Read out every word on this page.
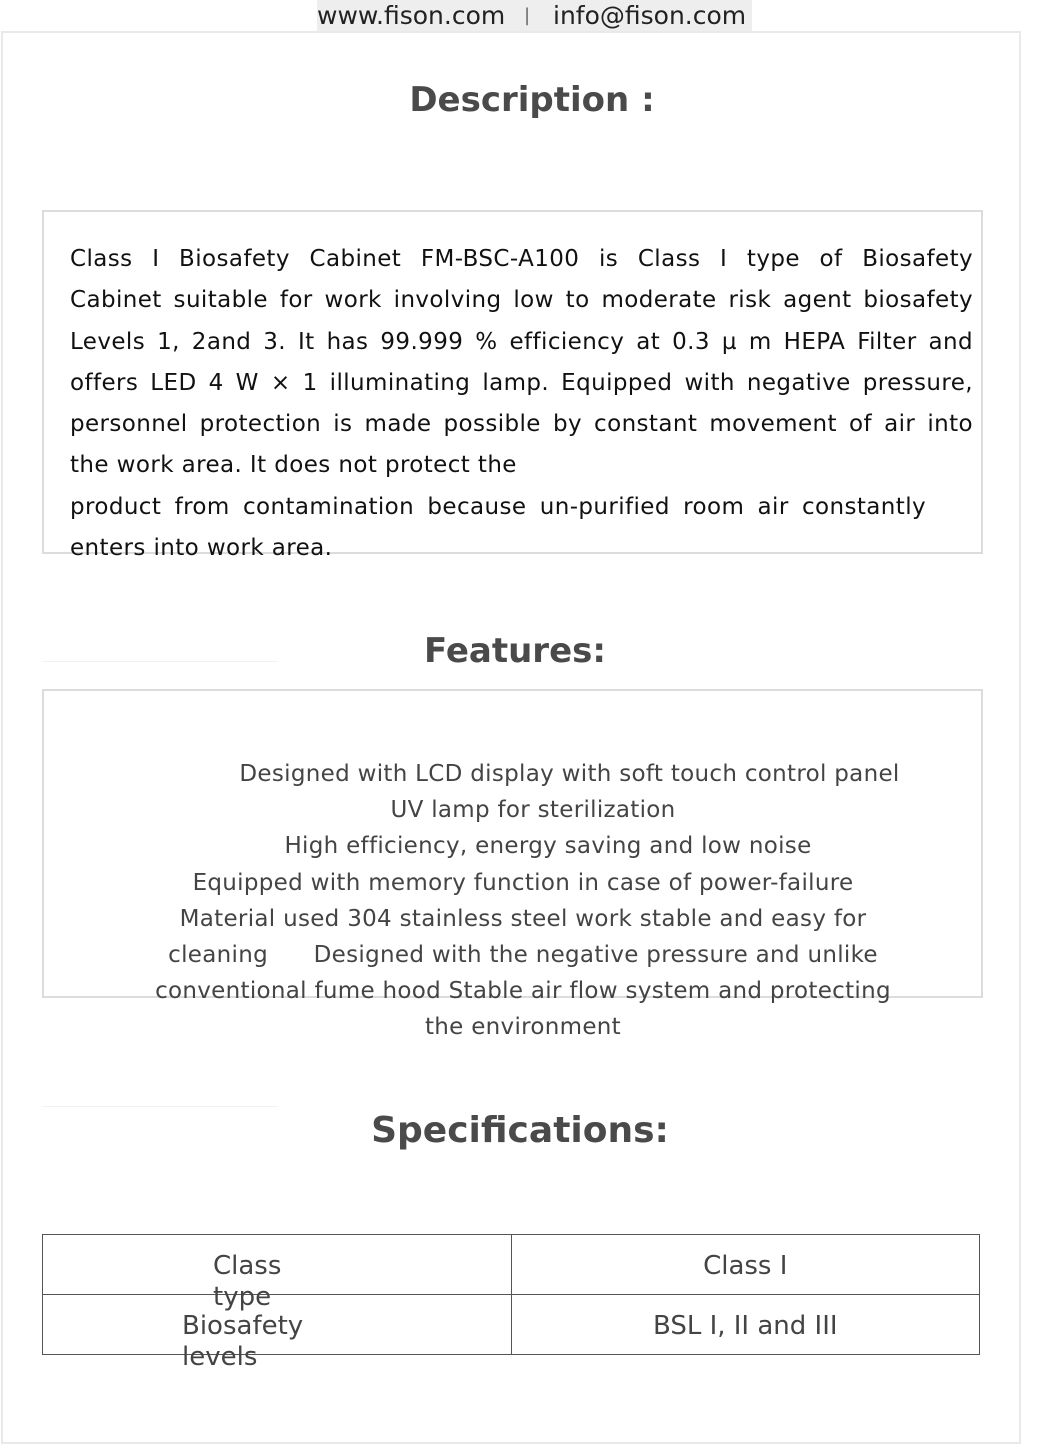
www.fison.com | info@fison.com
Description :
Class I Biosafety Cabinet FM-BSC-A100 is Class I type of Biosafety
Cabinet suitable for work involving low to moderate risk agent biosafety
Levels 1, 2and 3. It has 99.999 % efficiency at 0.3 µ m HEPA Filter and
offers LED 4 W × 1 illuminating lamp. Equipped with negative pressure,
personnel protection is made possible by constant movement of air into
the work area. It does not protect the
product from contamination because un-purified room air constantly
enters into work area.
Features:
Designed with LCD display with soft touch control panel
UV lamp for sterilization
High efficiency, energy saving and low noise
Equipped with memory function in case of power-failure
Material used 304 stainless steel work stable and easy for
cleaning      Designed with the negative pressure and unlike
conventional fume hood Stable air flow system and protecting
the environment
Specifications:
Class type	Class I

Biosafety levels	BSL I, II and III
